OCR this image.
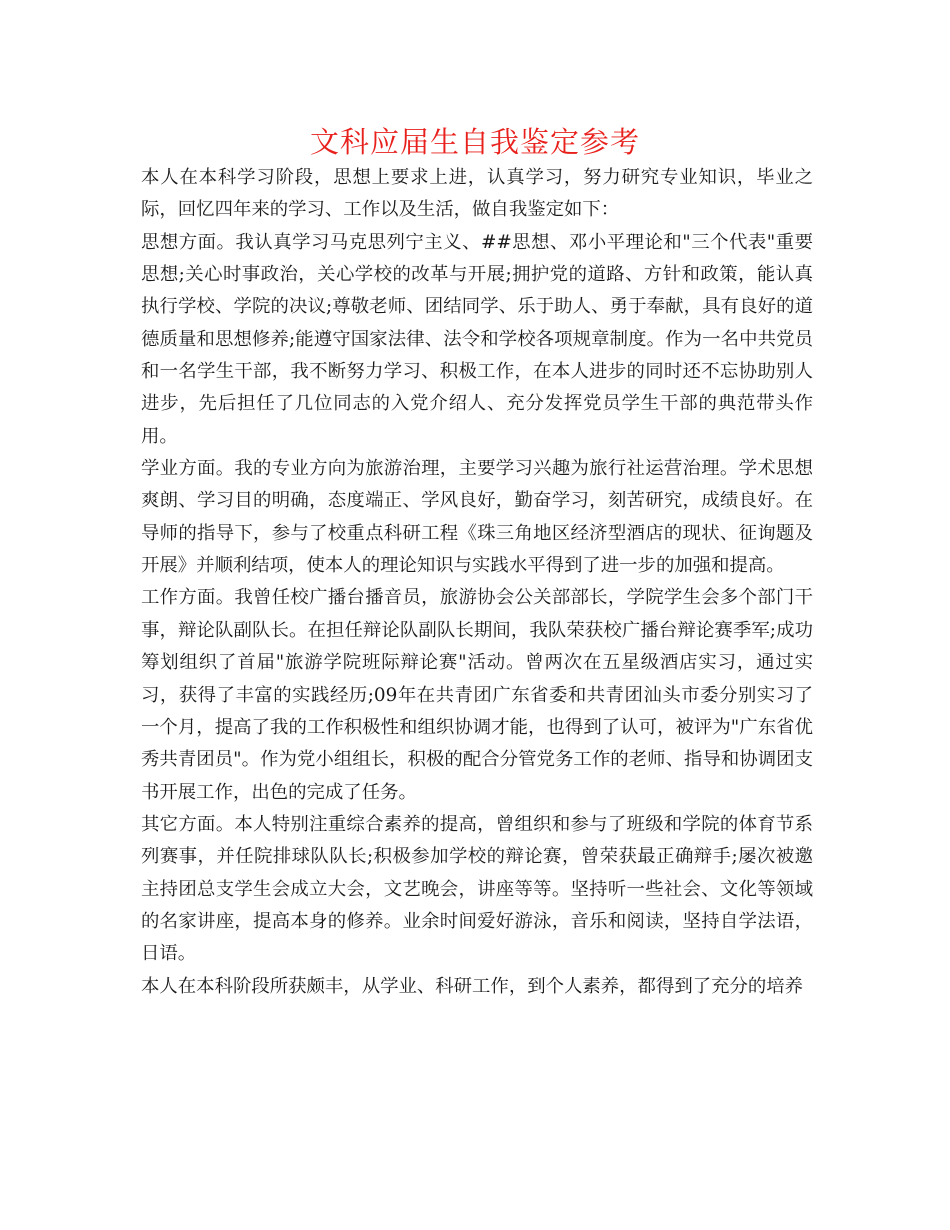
文科应届生自我鉴定参考

本人在本科学习阶段，思想上要求上进，认真学习，努力研究专业知识，毕业之际，回忆四年来的学习、工作以及生活，做自我鉴定如下：

思想方面。我认真学习马克思列宁主义、##思想、邓小平理论和"三个代表"重要思想;关心时事政治，关心学校的改革与开展;拥护党的道路、方针和政策，能认真执行学校、学院的决议;尊敬老师、团结同学、乐于助人、勇于奉献，具有良好的道德质量和思想修养;能遵守国家法律、法令和学校各项规章制度。作为一名中共党员和一名学生干部，我不断努力学习、积极工作，在本人进步的同时还不忘协助别人进步，先后担任了几位同志的入党介绍人、充分发挥党员学生干部的典范带头作用。

学业方面。我的专业方向为旅游治理，主要学习兴趣为旅行社运营治理。学术思想爽朗、学习目的明确，态度端正、学风良好，勤奋学习，刻苦研究，成绩良好。在导师的指导下，参与了校重点科研工程《珠三角地区经济型酒店的现状、征询题及开展》并顺利结项，使本人的理论知识与实践水平得到了进一步的加强和提高。

工作方面。我曾任校广播台播音员，旅游协会公关部部长，学院学生会多个部门干事，辩论队副队长。在担任辩论队副队长期间，我队荣获校广播台辩论赛季军;成功筹划组织了首届"旅游学院班际辩论赛"活动。曾两次在五星级酒店实习，通过实习，获得了丰富的实践经历;09年在共青团广东省委和共青团汕头市委分别实习了一个月，提高了我的工作积极性和组织协调才能，也得到了认可，被评为"广东省优秀共青团员"。作为党小组组长，积极的配合分管党务工作的老师、指导和协调团支书开展工作，出色的完成了任务。

其它方面。本人特别注重综合素养的提高，曾组织和参与了班级和学院的体育节系列赛事，并任院排球队队长;积极参加学校的辩论赛，曾荣获最正确辩手;屡次被邀主持团总支学生会成立大会，文艺晚会，讲座等等。坚持听一些社会、文化等领域的名家讲座，提高本身的修养。业余时间爱好游泳，音乐和阅读，坚持自学法语，日语。

本人在本科阶段所获颇丰，从学业、科研工作，到个人素养，都得到了充分的培养
